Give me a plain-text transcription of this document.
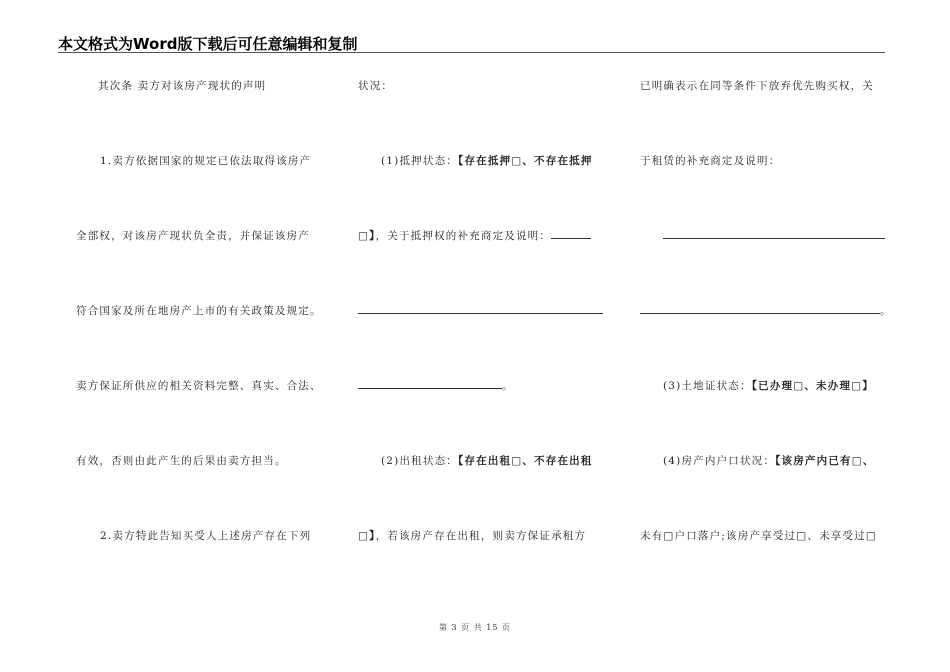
本文格式为Word版下载后可任意编辑和复制
其次条 卖方对该房产现状的声明
1.卖方依据国家的规定已依法取得该房产
全部权，对该房产现状负全责，并保证该房产
符合国家及所在地房产上市的有关政策及规定。
卖方保证所供应的相关资料完整、真实、合法、
有效，否则由此产生的后果由卖方担当。
2.卖方特此告知买受人上述房产存在下列
状况：
(1)抵押状态：【存在抵押□、不存在抵押
□】，关于抵押权的补充商定及说明：
。
(2)出租状态：【存在出租□、不存在出租
□】，若该房产存在出租，则卖方保证承租方
已明确表示在同等条件下放弃优先购买权，关
于租赁的补充商定及说明：
。
(3)土地证状态：【已办理□、未办理□】
(4)房产内户口状况：【该房产内已有□、
未有□户口落户;该房产享受过□、未享受过□
第 3 页 共 15 页
